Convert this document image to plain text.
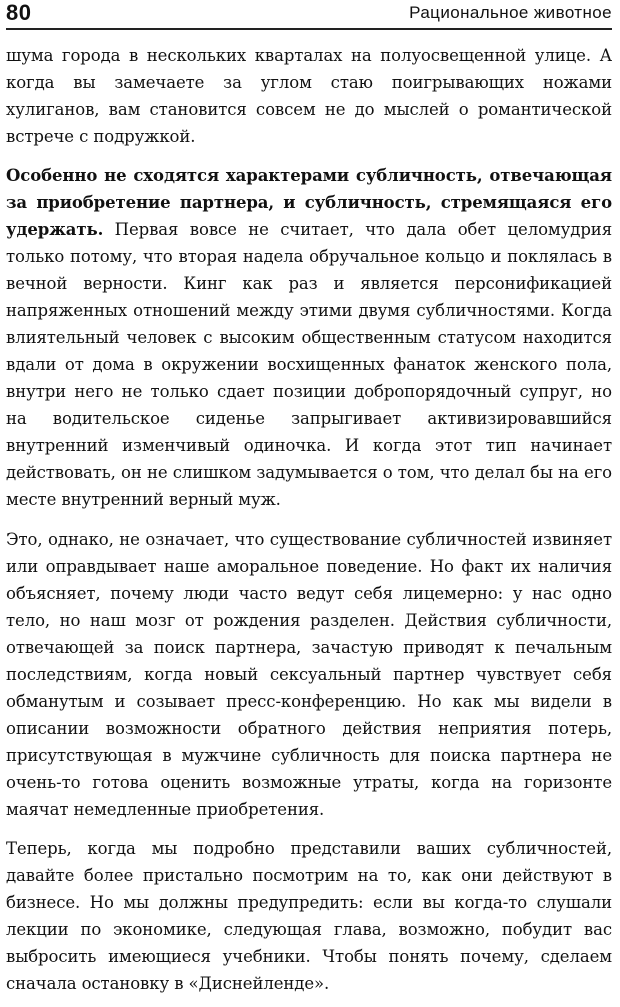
80	Рациональное животное

шума города в нескольких кварталах на полуосвещенной улице. А когда вы замечаете за углом стаю поигрывающих ножами хулиганов, вам становится совсем не до мыслей о романтической встрече с подружкой.

Особенно не сходятся характерами субличность, отвечающая за приобретение партнера, и субличность, стремящаяся его удержать. Первая вовсе не считает, что дала обет целомудрия только потому, что вторая надела обручальное кольцо и поклялась в вечной верности. Кинг как раз и является персонификацией напряженных отношений между этими двумя субличностями. Когда влиятельный человек с высоким общественным статусом находится вдали от дома в окружении восхищенных фанаток женского пола, внутри него не только сдает позиции добропорядочный супруг, но на водительское сиденье запрыгивает активизировавшийся внутренний изменчивый одиночка. И когда этот тип начинает действовать, он не слишком задумывается о том, что делал бы на его месте внутренний верный муж.

Это, однако, не означает, что существование субличностей извиняет или оправдывает наше аморальное поведение. Но факт их наличия объясняет, почему люди часто ведут себя лицемерно: у нас одно тело, но наш мозг от рождения разделен. Действия субличности, отвечающей за поиск партнера, зачастую приводят к печальным последствиям, когда новый сексуальный партнер чувствует себя обманутым и созывает пресс-конференцию. Но как мы видели в описании возможности обратного действия неприятия потерь, присутствующая в мужчине субличность для поиска партнера не очень-то готова оценить возможные утраты, когда на горизонте маячат немедленные приобретения.

Теперь, когда мы подробно представили ваших субличностей, давайте более пристально посмотрим на то, как они действуют в бизнесе. Но мы должны предупредить: если вы когда-то слушали лекции по экономике, следующая глава, возможно, побудит вас выбросить имеющиеся учебники. Чтобы понять почему, сделаем сначала остановку в «Диснейленде».
